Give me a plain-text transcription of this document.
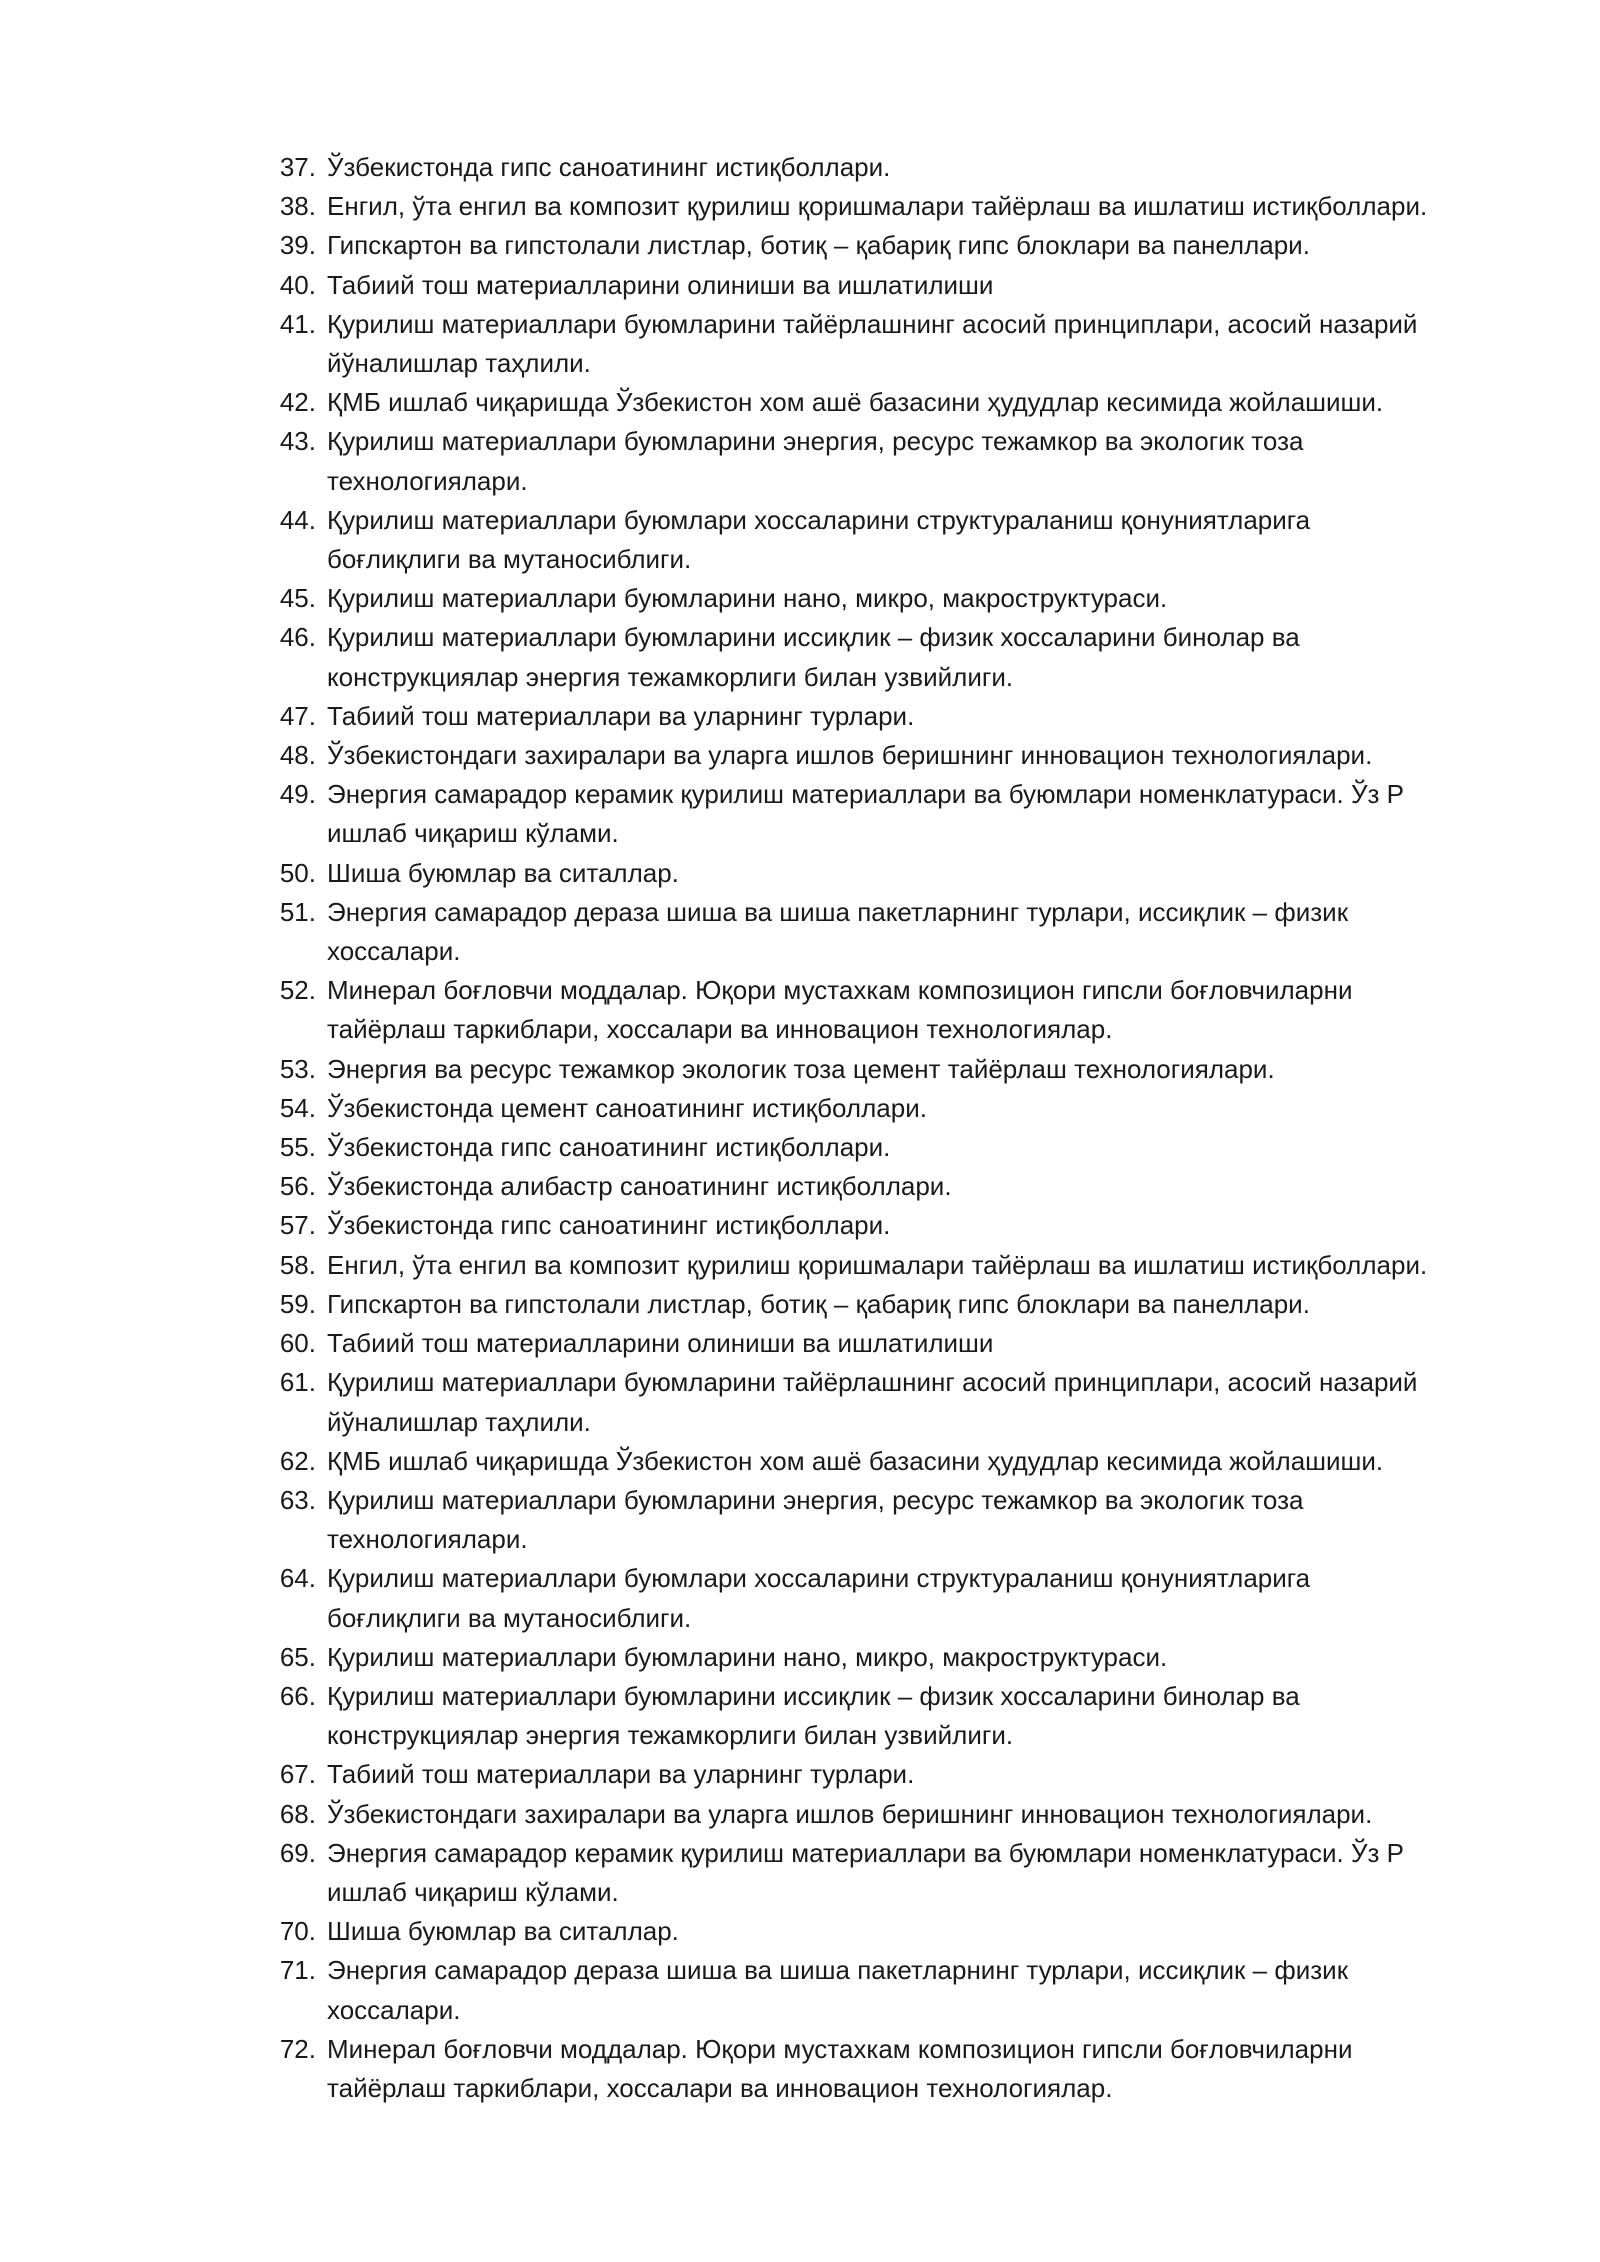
37. Ўзбекистонда гипс саноатининг истиқболлари.
38. Енгил, ўта енгил ва композит қурилиш қоришмалари тайёрлаш ва ишлатиш истиқболлари.
39. Гипскартон ва гипстолали листлар, ботиқ – қабариқ гипс блоклари ва панеллари.
40. Табиий тош материалларини олиниши ва ишлатилиши
41. Қурилиш материаллари буюмларини тайёрлашнинг асосий принциплари, асосий назарий
йўналишлар таҳлили.
42. ҚМБ ишлаб чиқаришда Ўзбекистон хом ашё базасини ҳудудлар кесимида жойлашиши.
43. Қурилиш материаллари буюмларини энергия, ресурс тежамкор ва экологик тоза
технологиялари.
44. Қурилиш материаллари буюмлари хоссаларини структураланиш қонуниятларига
боғлиқлиги ва мутаносиблиги.
45. Қурилиш материаллари буюмларини нано, микро, макроструктураси.
46. Қурилиш материаллари буюмларини иссиқлик – физик хоссаларини бинолар ва
конструкциялар энергия тежамкорлиги билан узвийлиги.
47. Табиий тош материаллари ва уларнинг турлари.
48. Ўзбекистондаги захиралари ва уларга ишлов беришнинг инновацион технологиялари.
49. Энергия самарадор керамик қурилиш материаллари ва буюмлари номенклатураси. Ўз Р
ишлаб чиқариш кўлами.
50. Шиша буюмлар ва ситаллар.
51. Энергия самарадор деразa шиша ва шиша пакетларнинг турлари, иссиқлик – физик
хоссалари.
52. Минерал боғловчи моддалар. Юқори мустахкам композицион гипсли боғловчиларни
тайёрлаш таркиблари, хоссалари ва инновацион технологиялар.
53. Энергия ва ресурс тежамкор экологик тоза цемент тайёрлаш технологиялари.
54. Ўзбекистонда цемент саноатининг истиқболлари.
55. Ўзбекистонда гипс саноатининг истиқболлари.
56. Ўзбекистонда алибастр саноатининг истиқболлари.
57. Ўзбекистонда гипс саноатининг истиқболлари.
58. Енгил, ўта енгил ва композит қурилиш қоришмалари тайёрлаш ва ишлатиш истиқболлари.
59. Гипскартон ва гипстолали листлар, ботиқ – қабариқ гипс блоклари ва панеллари.
60. Табиий тош материалларини олиниши ва ишлатилиши
61. Қурилиш материаллари буюмларини тайёрлашнинг асосий принциплари, асосий назарий
йўналишлар таҳлили.
62. ҚМБ ишлаб чиқаришда Ўзбекистон хом ашё базасини ҳудудлар кесимида жойлашиши.
63. Қурилиш материаллари буюмларини энергия, ресурс тежамкор ва экологик тоза
технологиялари.
64. Қурилиш материаллари буюмлари хоссаларини структураланиш қонуниятларига
боғлиқлиги ва мутаносиблиги.
65. Қурилиш материаллари буюмларини нано, микро, макроструктураси.
66. Қурилиш материаллари буюмларини иссиқлик – физик хоссаларини бинолар ва
конструкциялар энергия тежамкорлиги билан узвийлиги.
67. Табиий тош материаллари ва уларнинг турлари.
68. Ўзбекистондаги захиралари ва уларга ишлов беришнинг инновацион технологиялари.
69. Энергия самарадор керамик қурилиш материаллари ва буюмлари номенклатураси. Ўз Р
ишлаб чиқариш кўлами.
70. Шиша буюмлар ва ситаллар.
71. Энергия самарадор деразa шиша ва шиша пакетларнинг турлари, иссиқлик – физик
хоссалари.
72. Минерал боғловчи моддалар. Юқори мустахкам композицион гипсли боғловчиларни
тайёрлаш таркиблари, хоссалари ва инновацион технологиялар.
